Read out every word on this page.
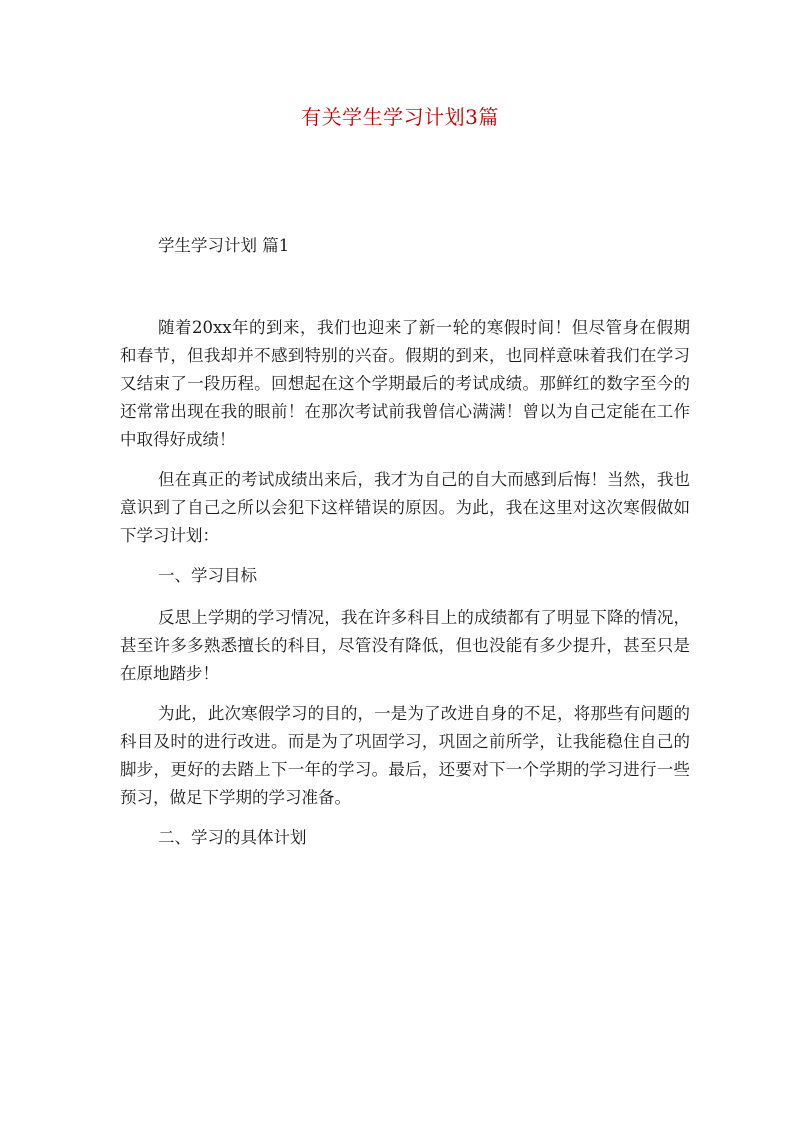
有关学生学习计划3篇
学生学习计划 篇1

随着20xx年的到来，我们也迎来了新一轮的寒假时间！但尽管身在假期和春节，但我却并不感到特别的兴奋。假期的到来，也同样意味着我们在学习又结束了一段历程。回想起在这个学期最后的考试成绩。那鲜红的数字至今的还常常出现在我的眼前！在那次考试前我曾信心满满！曾以为自己定能在工作中取得好成绩！

但在真正的考试成绩出来后，我才为自己的自大而感到后悔！当然，我也意识到了自己之所以会犯下这样错误的原因。为此，我在这里对这次寒假做如下学习计划：

一、学习目标

反思上学期的学习情况，我在许多科目上的成绩都有了明显下降的情况，甚至许多多熟悉擅长的科目，尽管没有降低，但也没能有多少提升，甚至只是在原地踏步！

为此，此次寒假学习的目的，一是为了改进自身的不足，将那些有问题的科目及时的进行改进。而是为了巩固学习，巩固之前所学，让我能稳住自己的脚步，更好的去踏上下一年的学习。最后，还要对下一个学期的学习进行一些预习，做足下学期的学习准备。

二、学习的具体计划
